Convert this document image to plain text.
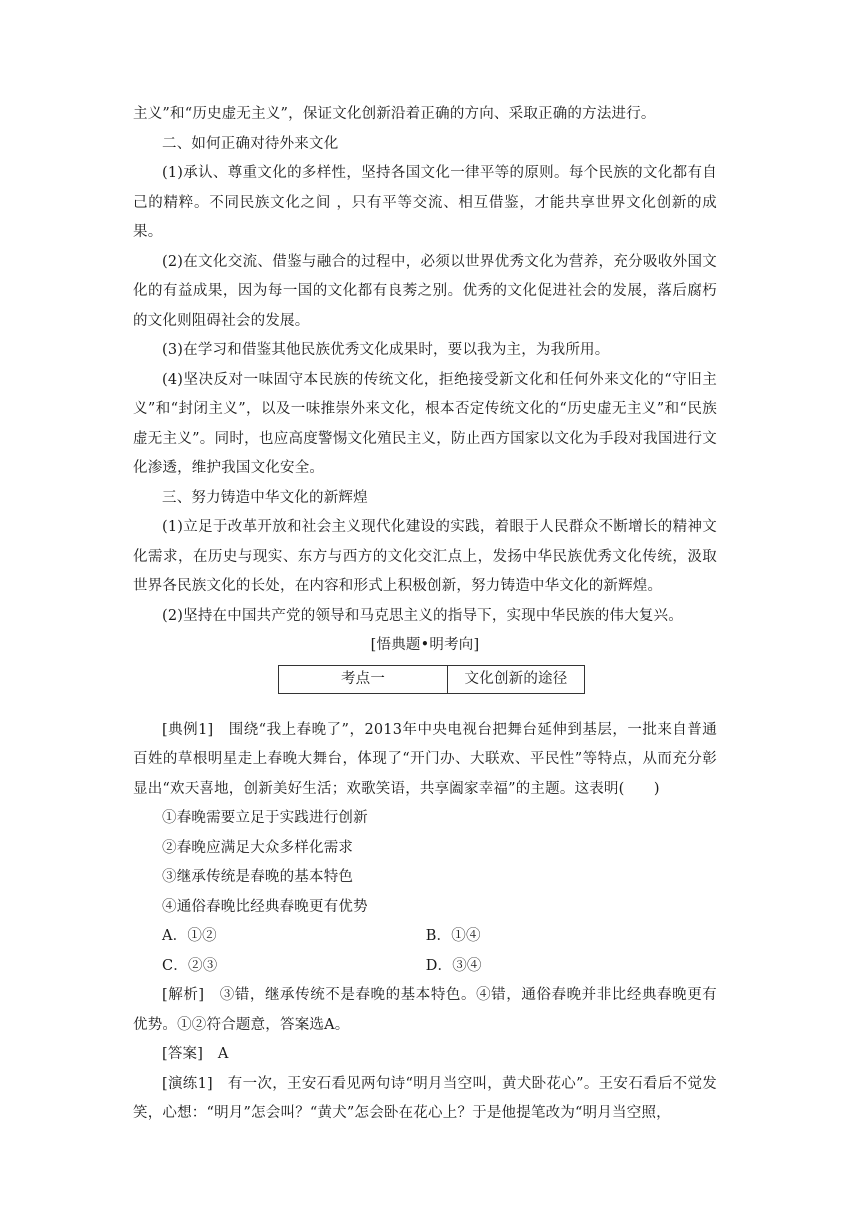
主义”和“历史虚无主义”，保证文化创新沿着正确的方向、采取正确的方法进行。

二、如何正确对待外来文化

(1)承认、尊重文化的多样性，坚持各国文化一律平等的原则。每个民族的文化都有自己的精粹。不同民族文化之间 ，只有平等交流、相互借鉴，才能共享世界文化创新的成果。

(2)在文化交流、借鉴与融合的过程中，必须以世界优秀文化为营养，充分吸收外国文化的有益成果，因为每一国的文化都有良莠之别。优秀的文化促进社会的发展，落后腐朽的文化则阻碍社会的发展。

(3)在学习和借鉴其他民族优秀文化成果时，要以我为主，为我所用。

(4)坚决反对一味固守本民族的传统文化，拒绝接受新文化和任何外来文化的“守旧主义”和“封闭主义”，以及一味推崇外来文化，根本否定传统文化的“历史虚无主义”和“民族虚无主义”。同时，也应高度警惕文化殖民主义，防止西方国家以文化为手段对我国进行文化渗透，维护我国文化安全。

三、努力铸造中华文化的新辉煌

(1)立足于改革开放和社会主义现代化建设的实践，着眼于人民群众不断增长的精神文化需求，在历史与现实、东方与西方的文化交汇点上，发扬中华民族优秀文化传统，汲取世界各民族文化的长处，在内容和形式上积极创新，努力铸造中华文化的新辉煌。

(2)坚持在中国共产党的领导和马克思主义的指导下，实现中华民族的伟大复兴。

[悟典题•明考向]

考点一	文化创新的途径

[典例1]　围绕“我上春晚了”，2013年中央电视台把舞台延伸到基层，一批来自普通百姓的草根明星走上春晚大舞台，体现了“开门办、大联欢、平民性”等特点，从而充分彰显出“欢天喜地，创新美好生活；欢歌笑语，共享阖家幸福”的主题。这表明(　　)

①春晚需要立足于实践进行创新

②春晚应满足大众多样化需求

③继承传统是春晚的基本特色

④通俗春晚比经典春晚更有优势

A．①②	B．①④
C．②③	D．③④

[解析]　③错，继承传统不是春晚的基本特色。④错，通俗春晚并非比经典春晚更有优势。①②符合题意，答案选A。

[答案]　A

[演练1]　有一次，王安石看见两句诗“明月当空叫，黄犬卧花心”。王安石看后不觉发笑，心想：“明月”怎会叫？“黄犬”怎会卧在花心上？于是他提笔改为“明月当空照，
